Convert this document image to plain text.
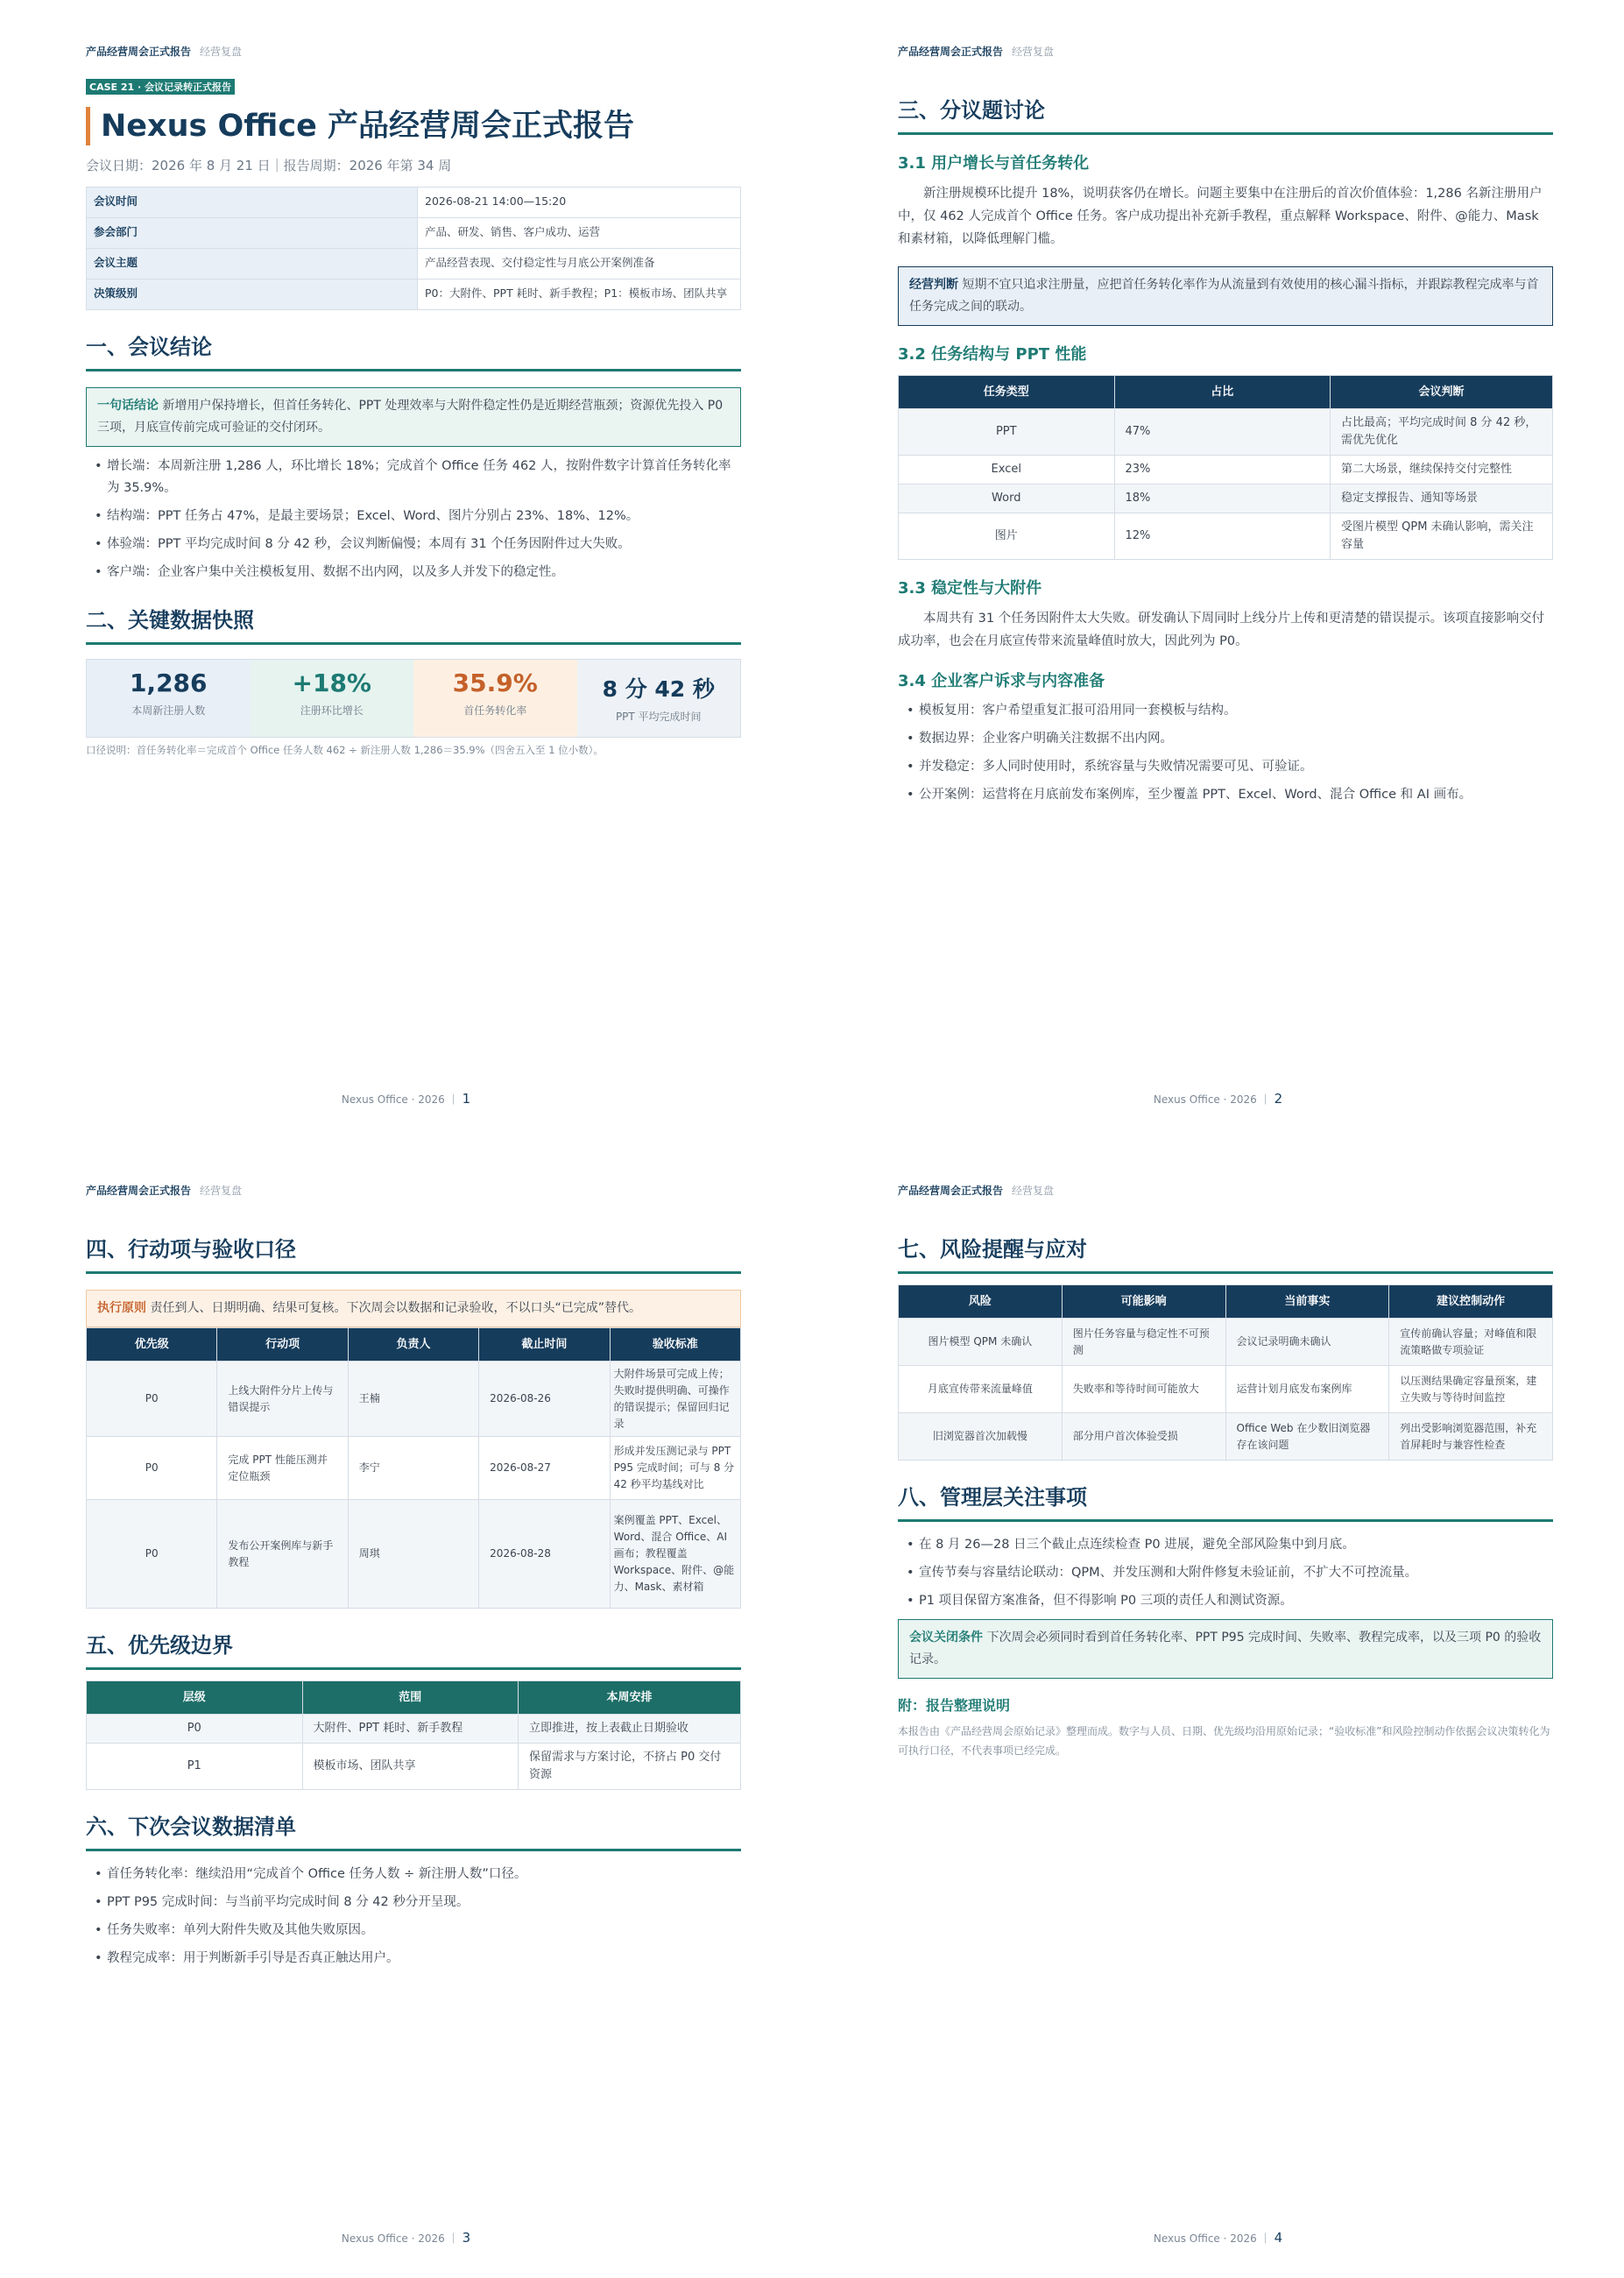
产品经营周会正式报告 经营复盘
CASE 21 · 会议记录转正式报告
Nexus Office 产品经营周会正式报告
会议日期：2026 年 8 月 21 日｜报告周期：2026 年第 34 周
会议时间	2026-08-21 14:00—15:20
参会部门	产品、研发、销售、客户成功、运营
会议主题	产品经营表现、交付稳定性与月底公开案例准备
决策级别	P0：大附件、PPT 耗时、新手教程；P1：模板市场、团队共享
一、会议结论
一句话结论 新增用户保持增长，但首任务转化、PPT 处理效率与大附件稳定性仍是近期经营瓶颈；资源优先投入 P0 三项，月底宣传前完成可验证的交付闭环。
• 增长端：本周新注册 1,286 人，环比增长 18%；完成首个 Office 任务 462 人，按附件数字计算首任务转化率为 35.9%。
• 结构端：PPT 任务占 47%，是最主要场景；Excel、Word、图片分别占 23%、18%、12%。
• 体验端：PPT 平均完成时间 8 分 42 秒，会议判断偏慢；本周有 31 个任务因附件过大失败。
• 客户端：企业客户集中关注模板复用、数据不出内网，以及多人并发下的稳定性。
二、关键数据快照
1,286
本周新注册人数
+18%
注册环比增长
35.9%
首任务转化率
8 分 42 秒
PPT 平均完成时间
口径说明：首任务转化率＝完成首个 Office 任务人数 462 ÷ 新注册人数 1,286＝35.9%（四舍五入至 1 位小数）。
Nexus Office · 2026 ｜ 1
产品经营周会正式报告 经营复盘
三、分议题讨论
3.1 用户增长与首任务转化
新注册规模环比提升 18%，说明获客仍在增长。问题主要集中在注册后的首次价值体验：1,286 名新注册用户中，仅 462 人完成首个 Office 任务。客户成功提出补充新手教程，重点解释 Workspace、附件、@能力、Mask 和素材箱，以降低理解门槛。
经营判断 短期不宜只追求注册量，应把首任务转化率作为从流量到有效使用的核心漏斗指标，并跟踪教程完成率与首任务完成之间的联动。
3.2 任务结构与 PPT 性能
任务类型	占比	会议判断
PPT	47%	占比最高；平均完成时间 8 分 42 秒，需优先优化
Excel	23%	第二大场景，继续保持交付完整性
Word	18%	稳定支撑报告、通知等场景
图片	12%	受图片模型 QPM 未确认影响，需关注容量
3.3 稳定性与大附件
本周共有 31 个任务因附件太大失败。研发确认下周同时上线分片上传和更清楚的错误提示。该项直接影响交付成功率，也会在月底宣传带来流量峰值时放大，因此列为 P0。
3.4 企业客户诉求与内容准备
• 模板复用：客户希望重复汇报可沿用同一套模板与结构。
• 数据边界：企业客户明确关注数据不出内网。
• 并发稳定：多人同时使用时，系统容量与失败情况需要可见、可验证。
• 公开案例：运营将在月底前发布案例库，至少覆盖 PPT、Excel、Word、混合 Office 和 AI 画布。
Nexus Office · 2026 ｜ 2
产品经营周会正式报告 经营复盘
四、行动项与验收口径
执行原则 责任到人、日期明确、结果可复核。下次周会以数据和记录验收，不以口头“已完成”替代。
优先级	行动项	负责人	截止时间	验收标准
P0	上线大附件分片上传与错误提示	王楠	2026-08-26	大附件场景可完成上传；失败时提供明确、可操作的错误提示；保留回归记录
P0	完成 PPT 性能压测并定位瓶颈	李宁	2026-08-27	形成并发压测记录与 PPT P95 完成时间；可与 8 分 42 秒平均基线对比
P0	发布公开案例库与新手教程	周琪	2026-08-28	案例覆盖 PPT、Excel、Word、混合 Office、AI 画布；教程覆盖 Workspace、附件、@能力、Mask、素材箱
五、优先级边界
层级	范围	本周安排
P0	大附件、PPT 耗时、新手教程	立即推进，按上表截止日期验收
P1	模板市场、团队共享	保留需求与方案讨论，不挤占 P0 交付资源
六、下次会议数据清单
• 首任务转化率：继续沿用“完成首个 Office 任务人数 ÷ 新注册人数”口径。
• PPT P95 完成时间：与当前平均完成时间 8 分 42 秒分开呈现。
• 任务失败率：单列大附件失败及其他失败原因。
• 教程完成率：用于判断新手引导是否真正触达用户。
Nexus Office · 2026 ｜ 3
产品经营周会正式报告 经营复盘
七、风险提醒与应对
风险	可能影响	当前事实	建议控制动作
图片模型 QPM 未确认	图片任务容量与稳定性不可预测	会议记录明确未确认	宣传前确认容量；对峰值和限流策略做专项验证
月底宣传带来流量峰值	失败率和等待时间可能放大	运营计划月底发布案例库	以压测结果确定容量预案，建立失败与等待时间监控
旧浏览器首次加载慢	部分用户首次体验受损	Office Web 在少数旧浏览器存在该问题	列出受影响浏览器范围，补充首屏耗时与兼容性检查
八、管理层关注事项
• 在 8 月 26—28 日三个截止点连续检查 P0 进展，避免全部风险集中到月底。
• 宣传节奏与容量结论联动：QPM、并发压测和大附件修复未验证前，不扩大不可控流量。
• P1 项目保留方案准备，但不得影响 P0 三项的责任人和测试资源。
会议关闭条件 下次周会必须同时看到首任务转化率、PPT P95 完成时间、失败率、教程完成率，以及三项 P0 的验收记录。
附：报告整理说明
本报告由《产品经营周会原始记录》整理而成。数字与人员、日期、优先级均沿用原始记录；“验收标准”和风险控制动作依据会议决策转化为可执行口径，不代表事项已经完成。
Nexus Office · 2026 ｜ 4
